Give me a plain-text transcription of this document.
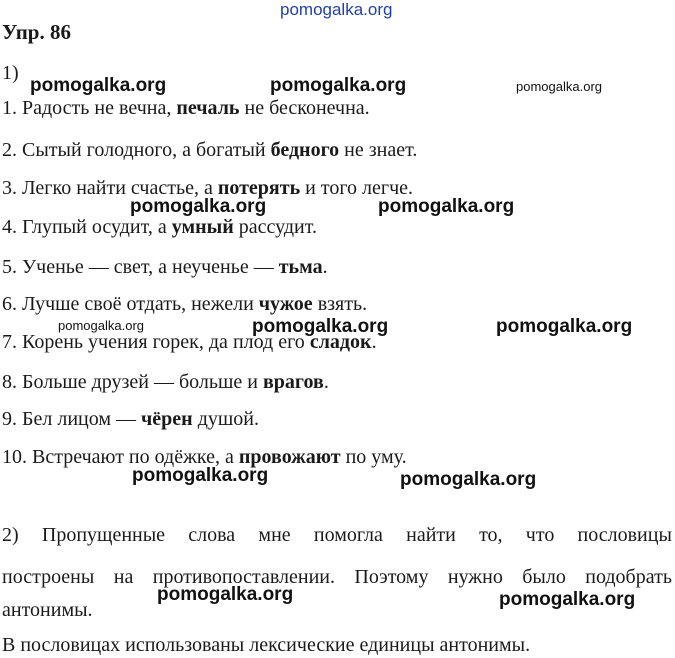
pomogalka.org
Упр. 86
1)
1. Радость не вечна, печаль не бесконечна.
2. Сытый голодного, а богатый бедного не знает.
3. Легко найти счастье, а потерять и того легче.
4. Глупый осудит, а умный рассудит.
5. Ученье — свет, а неученье — тьма.
6. Лучше своё отдать, нежели чужое взять.
7. Корень учения горек, да плод его сладок.
8. Больше друзей — больше и врагов.
9. Бел лицом — чёрен душой.
10. Встречают по одёжке, а провожают по уму.
2) Пропущенные слова мне помогла найти то, что пословицы
построены на противопоставлении. Поэтому нужно было подобрать
антонимы.
В пословицах использованы лексические единицы антонимы.
pomogalka.org	pomogalka.org	pomogalka.org
pomogalka.org	pomogalka.org
pomogalka.org	pomogalka.org	pomogalka.org
pomogalka.org	pomogalka.org
pomogalka.org	pomogalka.org
